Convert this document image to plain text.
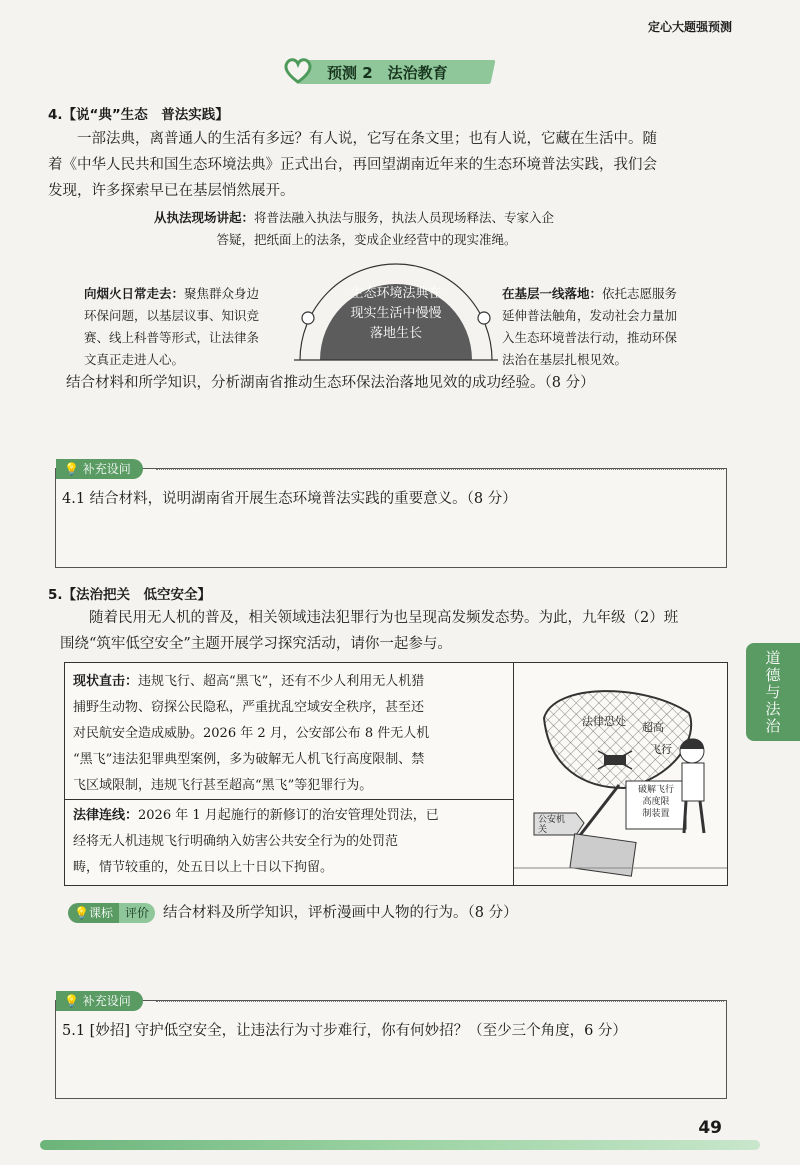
定心大题强预测
预测 2　法治教育
4.【说“典”生态　普法实践】
一部法典，离普通人的生活有多远？有人说，它写在条文里；也有人说，它藏在生活中。随
着《中华人民共和国生态环境法典》正式出台，再回望湖南近年来的生态环境普法实践，我们会
发现，许多探索早已在基层悄然展开。
从执法现场讲起：将普法融入执法与服务，执法人员现场释法、专家入企
答疑，把纸面上的法条，变成企业经营中的现实准绳。
向烟火日常走去：聚焦群众身边
环保问题，以基层议事、知识竞
赛、线上科普等形式，让法律条
文真正走进人心。
生态环境法典在
现实生活中慢慢
落地生长
在基层一线落地：依托志愿服务
延伸普法触角，发动社会力量加
入生态环境普法行动，推动环保
法治在基层扎根见效。
结合材料和所学知识，分析湖南省推动生态环保法治落地见效的成功经验。（8 分）
💡 补充设问
4.1 结合材料，说明湖南省开展生态环境普法实践的重要意义。（8 分）
5.【法治把关　低空安全】
随着民用无人机的普及，相关领域违法犯罪行为也呈现高发频发态势。为此，九年级（2）班
围绕“筑牢低空安全”主题开展学习探究活动，请你一起参与。
现状直击：违规飞行、超高“黑飞”，还有不少人利用无人机猎
捕野生动物、窃探公民隐私，严重扰乱空域安全秩序，甚至还
对民航安全造成威胁。2026 年 2 月，公安部公布 8 件无人机
“黑飞”违法犯罪典型案例，多为破解无人机飞行高度限制、禁
飞区域限制，违规飞行甚至超高“黑飞”等犯罪行为。
法律连线：2026 年 1 月起施行的新修订的治安管理处罚法，已
经将无人机违规飞行明确纳入妨害公共安全行为的处罚范
畴，情节较重的，处五日以上十日以下拘留。
法律恐处 超高
飞行
公安机关
破解飞行
高度限
制装置
💡课标	评价 结合材料及所学知识，评析漫画中人物的行为。（8 分）
💡 补充设问
5.1 [妙招] 守护低空安全，让违法行为寸步难行，你有何妙招？（至少三个角度，6 分）
道德与法治
49
